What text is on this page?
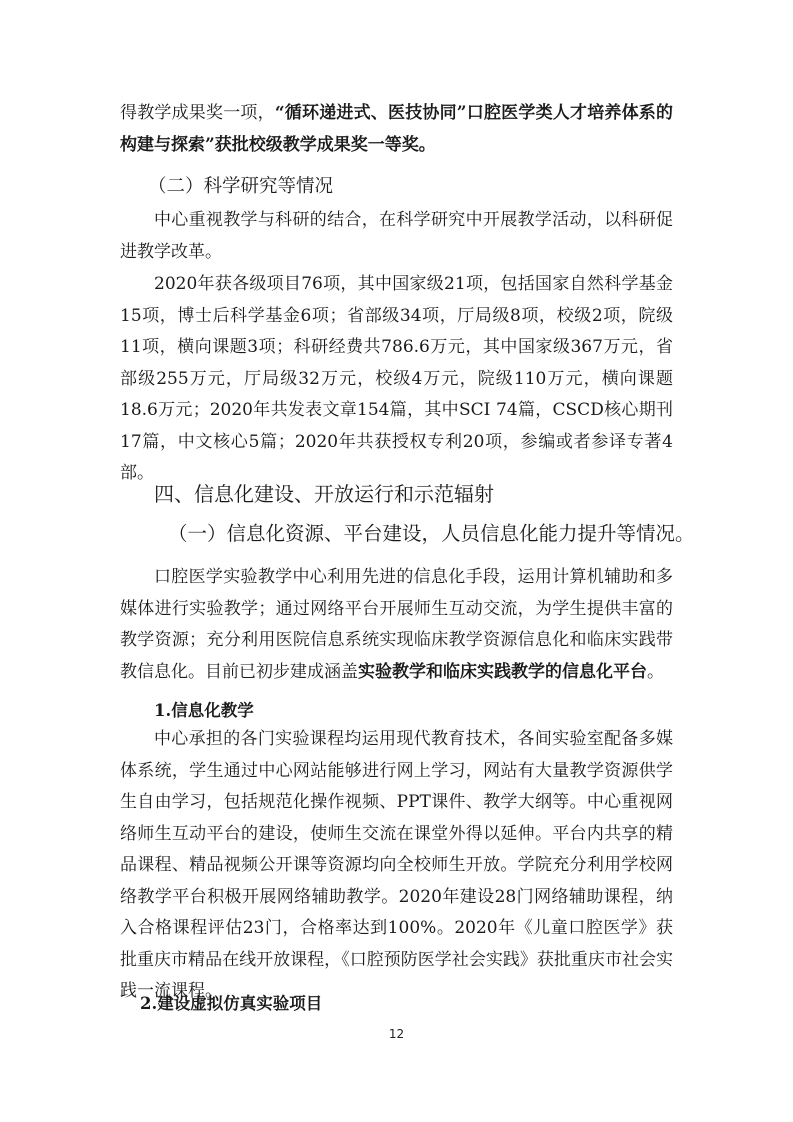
得教学成果奖一项，“循环递进式、医技协同”口腔医学类人才培养体系的构建与探索”获批校级教学成果奖一等奖。

（二）科学研究等情况

中心重视教学与科研的结合，在科学研究中开展教学活动，以科研促进教学改革。

2020年获各级项目76项，其中国家级21项，包括国家自然科学基金15项，博士后科学基金6项；省部级34项，厅局级8项，校级2项，院级11项，横向课题3项；科研经费共786.6万元，其中国家级367万元，省部级255万元，厅局级32万元，校级4万元，院级110万元，横向课题18.6万元；2020年共发表文章154篇，其中SCI 74篇，CSCD核心期刊17篇，中文核心5篇；2020年共获授权专利20项，参编或者参译专著4部。

四、信息化建设、开放运行和示范辐射

（一）信息化资源、平台建设，人员信息化能力提升等情况。

口腔医学实验教学中心利用先进的信息化手段，运用计算机辅助和多媒体进行实验教学；通过网络平台开展师生互动交流，为学生提供丰富的教学资源；充分利用医院信息系统实现临床教学资源信息化和临床实践带教信息化。目前已初步建成涵盖实验教学和临床实践教学的信息化平台。

1.信息化教学

中心承担的各门实验课程均运用现代教育技术，各间实验室配备多媒体系统，学生通过中心网站能够进行网上学习，网站有大量教学资源供学生自由学习，包括规范化操作视频、PPT课件、教学大纲等。中心重视网络师生互动平台的建设，使师生交流在课堂外得以延伸。平台内共享的精品课程、精品视频公开课等资源均向全校师生开放。学院充分利用学校网络教学平台积极开展网络辅助教学。2020年建设28门网络辅助课程，纳入合格课程评估23门，合格率达到100%。2020年《儿童口腔医学》获批重庆市精品在线开放课程，《口腔预防医学社会实践》获批重庆市社会实践一流课程。

2.建设虚拟仿真实验项目

12
